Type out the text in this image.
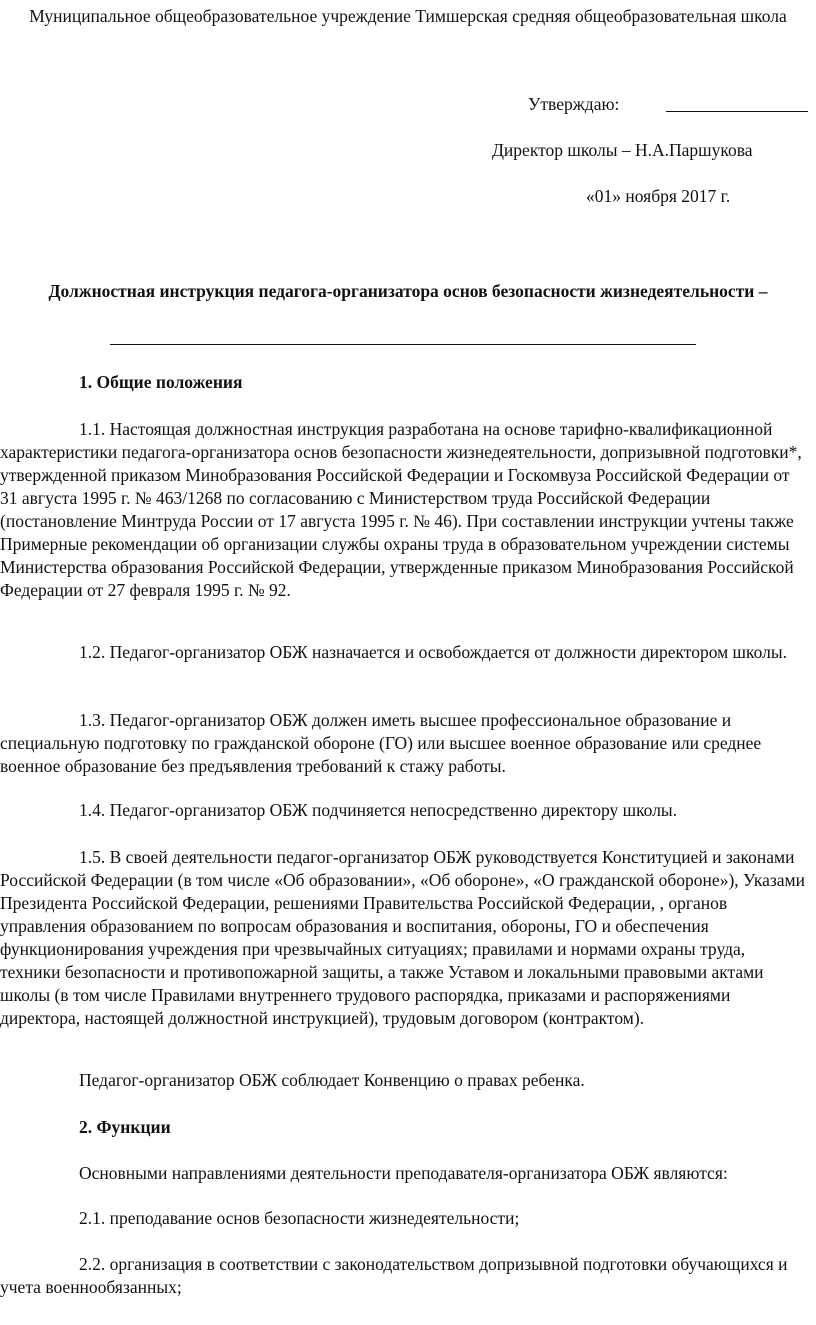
Муниципальное общеобразовательное учреждение Тимшерская средняя общеобразовательная школа
Утверждаю:
Директор школы – Н.А.Паршукова
«01» ноября 2017 г.
Должностная инструкция педагога-организатора основ безопасности жизнедеятельности –
1. Общие положения
1.1. Настоящая должностная инструкция разработана на основе тарифно-квалификационной характеристики педагога-организатора основ безопасности жизнедеятельности, допризывной подготовки*, утвержденной приказом Минобразования Российской Федерации и Госкомвуза Российской Федерации от 31 августа 1995 г. № 463/1268 по согласованию с Министерством труда Российской Федерации (постановление Минтруда России от 17 августа 1995 г. № 46). При составлении инструкции учтены также Примерные рекомендации об организации службы охраны труда в образовательном учреждении системы Министерства образования Российской Федерации, утвержденные приказом Минобразования Российской Федерации от 27 февраля 1995 г. № 92.
1.2. Педагог-организатор ОБЖ назначается и освобождается от должности директором школы.
1.3. Педагог-организатор ОБЖ должен иметь высшее профессиональное образование и специальную подготовку по гражданской обороне (ГО) или высшее военное образование или среднее военное образование без предъявления требований к стажу работы.
1.4. Педагог-организатор ОБЖ подчиняется непосредственно директору школы.
1.5. В своей деятельности педагог-организатор ОБЖ руководствуется Конституцией и законами Российской Федерации (в том числе «Об образовании», «Об обороне», «О гражданской обороне»), Указами Президента Российской Федерации, решениями Правительства Российской Федерации, , органов управления образованием по вопросам образования и воспитания, обороны, ГО и обеспечения функционирования учреждения при чрезвычайных ситуациях; правилами и нормами охраны труда, техники безопасности и противопожарной защиты, а также Уставом и локальными правовыми актами школы (в том числе Правилами внутреннего трудового распорядка, приказами и распоряжениями директора, настоящей должностной инструкцией), трудовым договором (контрактом).
Педагог-организатор ОБЖ соблюдает Конвенцию о правах ребенка.
2. Функции
Основными направлениями деятельности преподавателя-организатора ОБЖ являются:
2.1. преподавание основ безопасности жизнедеятельности;
2.2. организация в соответствии с законодательством допризывной подготовки обучающихся и учета военнообязанных;
